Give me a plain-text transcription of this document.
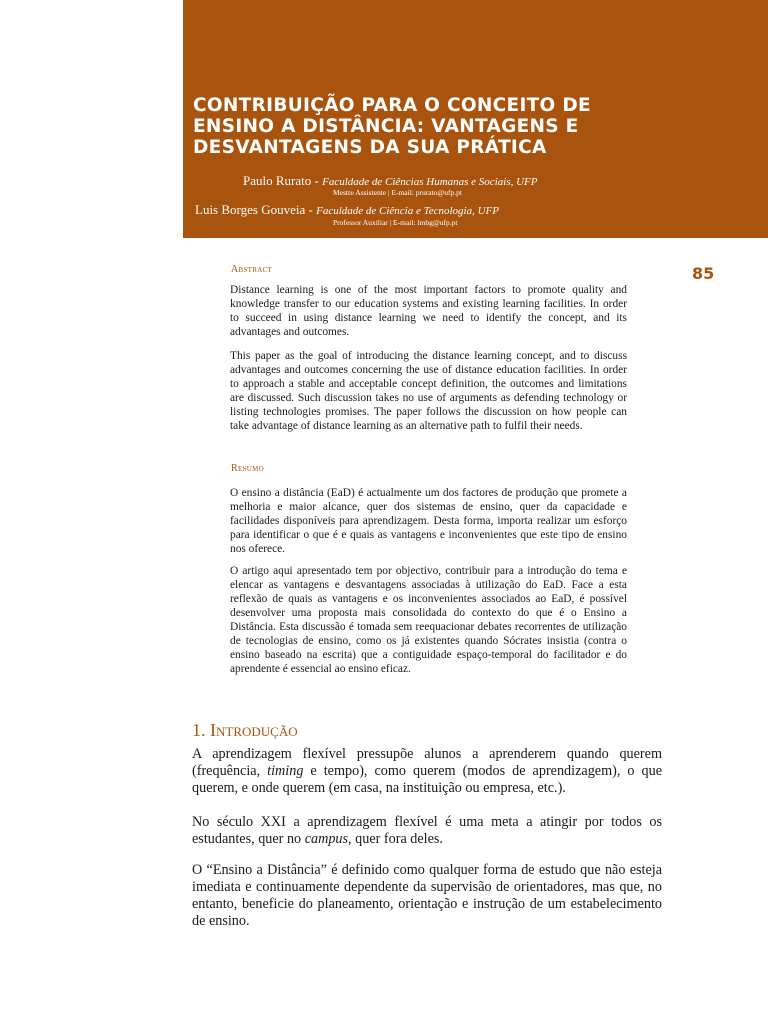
CONTRIBUIÇÃO PARA O CONCEITO DE ENSINO A DISTÂNCIA: VANTAGENS E DESVANTAGENS DA SUA PRÁTICA
Paulo Rurato - Faculdade de Ciências Humanas e Sociais, UFP
Mestre Assistente | E-mail: prurato@ufp.pt
Luis Borges Gouveia - Faculdade de Ciência e Tecnologia, UFP
Professor Auxiliar | E-mail: lmbg@ufp.pt
85
Abstract

Distance learning is one of the most important factors to promote quality and knowledge transfer to our education systems and existing learning facilities. In order to succeed in using distance learning we need to identify the concept, and its advantages and outcomes.

This paper as the goal of introducing the distance learning concept, and to discuss advantages and outcomes concerning the use of distance education facilities. In order to approach a stable and acceptable concept definition, the outcomes and limitations are discussed. Such discussion takes no use of arguments as defending technology or listing technologies promises. The paper follows the discussion on how people can take advantage of distance learning as an alternative path to fulfil their needs.

Resumo

O ensino a distância (EaD) é actualmente um dos factores de produção que promete a melhoria e maior alcance, quer dos sistemas de ensino, quer da capacidade e facilidades disponíveis para aprendizagem. Desta forma, importa realizar um esforço para identificar o que é e quais as vantagens e inconvenientes que este tipo de ensino nos oferece.

O artigo aqui apresentado tem por objectivo, contribuir para a introdução do tema e elencar as vantagens e desvantagens associadas à utilização do EaD. Face a esta reflexão de quais as vantagens e os inconvenientes associados ao EaD, é possível desenvolver uma proposta mais consolidada do contexto do que é o Ensino a Distância. Esta discussão é tomada sem reequacionar debates recorrentes de utilização de tecnologias de ensino, como os já existentes quando Sócrates insistia (contra o ensino baseado na escrita) que a contiguidade espaço-temporal do facilitador e do aprendente é essencial ao ensino eficaz.

1. Introdução

A aprendizagem flexível pressupõe alunos a aprenderem quando querem (frequência, timing e tempo), como querem (modos de aprendizagem), o que querem, e onde querem (em casa, na instituição ou empresa, etc.).

No século XXI a aprendizagem flexível é uma meta a atingir por todos os estudantes, quer no campus, quer fora deles.

O “Ensino a Distância” é definido como qualquer forma de estudo que não esteja imediata e continuamente dependente da supervisão de orientadores, mas que, no entanto, beneficie do planeamento, orientação e instrução de um estabelecimento de ensino.
